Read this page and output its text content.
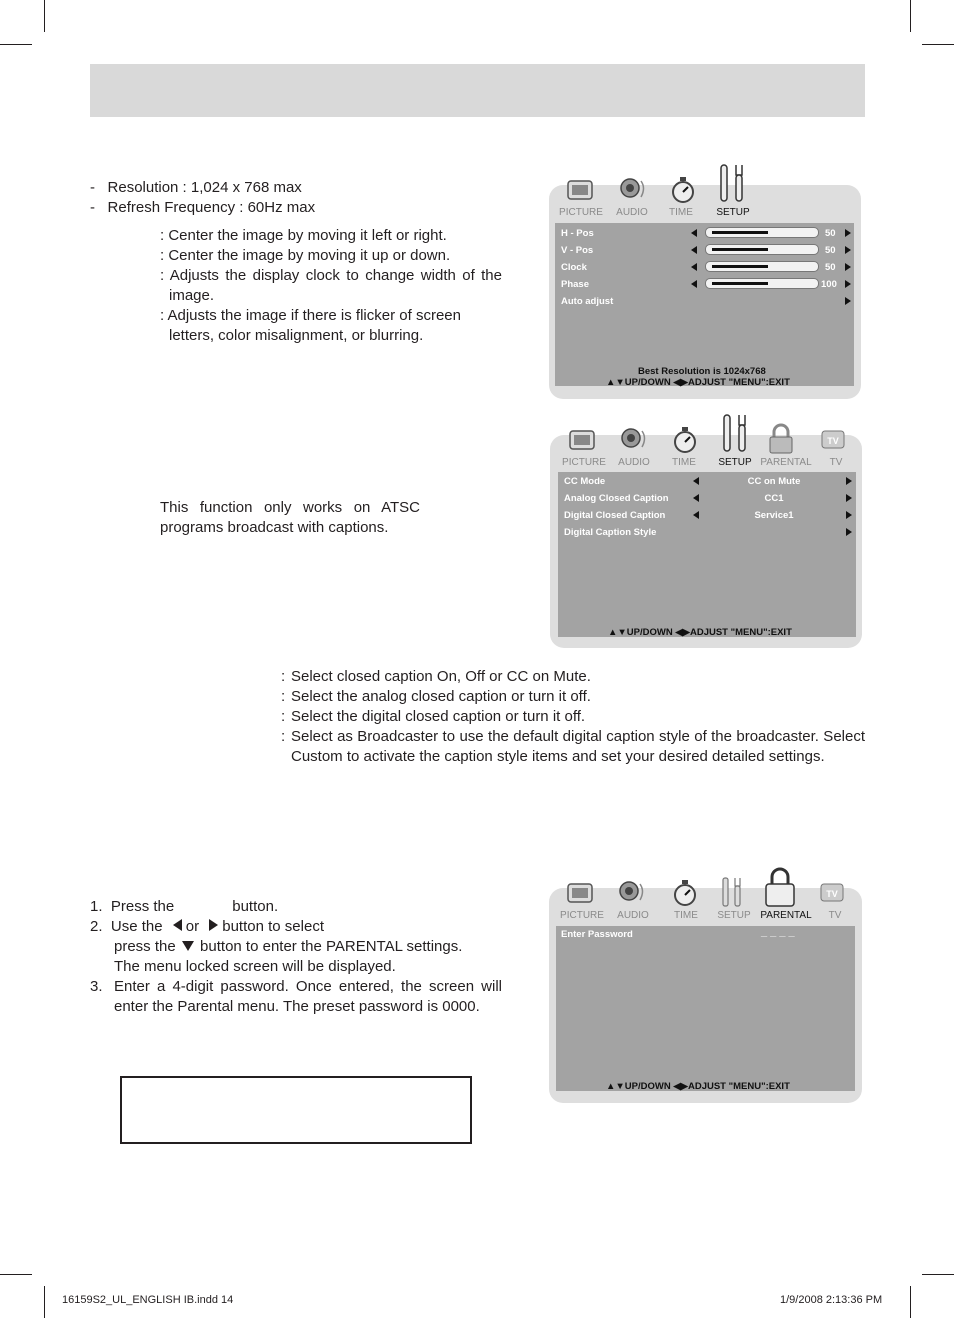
- Resolution : 1,024 x 768 max
- Refresh Frequency : 60Hz max
: Center the image by moving it left or right.
: Center the image by moving it up or down.
: Adjusts the display clock to change width of the image.
: Adjusts the image if there is flicker of screen letters, color misalignment, or blurring.
PICTURE	AUDIO	TIME	SETUP
H - Pos	50
V - Pos	50
Clock	50
Phase	100
Auto adjust
Best Resolution is 1024x768
▲▼UP/DOWN ◀▶ADJUST "MENU":EXIT
This function only works on ATSC programs broadcast with captions.
TV
PICTURE	AUDIO	TIME	SETUP PARENTAL	TV
CC Mode	CC on Mute
Analog Closed Caption	CC1
Digital Closed Caption	Service1
Digital Caption Style
▲▼UP/DOWN ◀▶ADJUST "MENU":EXIT
: Select closed caption On, Off or CC on Mute.
: Select the analog closed caption or turn it off.
: Select the digital closed caption or turn it off.
: Select as Broadcaster to use the default digital caption style of the broadcaster. Select Custom to activate the caption style items and set your desired detailed settings.
1. Press the	button.
2. Use the or button to select
press the button to enter the PARENTAL settings.
The menu locked screen will be displayed.
3. Enter a 4-digit password. Once entered, the screen will enter the Parental menu. The preset password is 0000.
TV
PICTURE	AUDIO	TIME	SETUP PARENTAL	TV
Enter Password	_ _ _ _
▲▼UP/DOWN ◀▶ADJUST "MENU":EXIT
16159S2_UL_ENGLISH IB.indd 14	1/9/2008 2:13:36 PM
